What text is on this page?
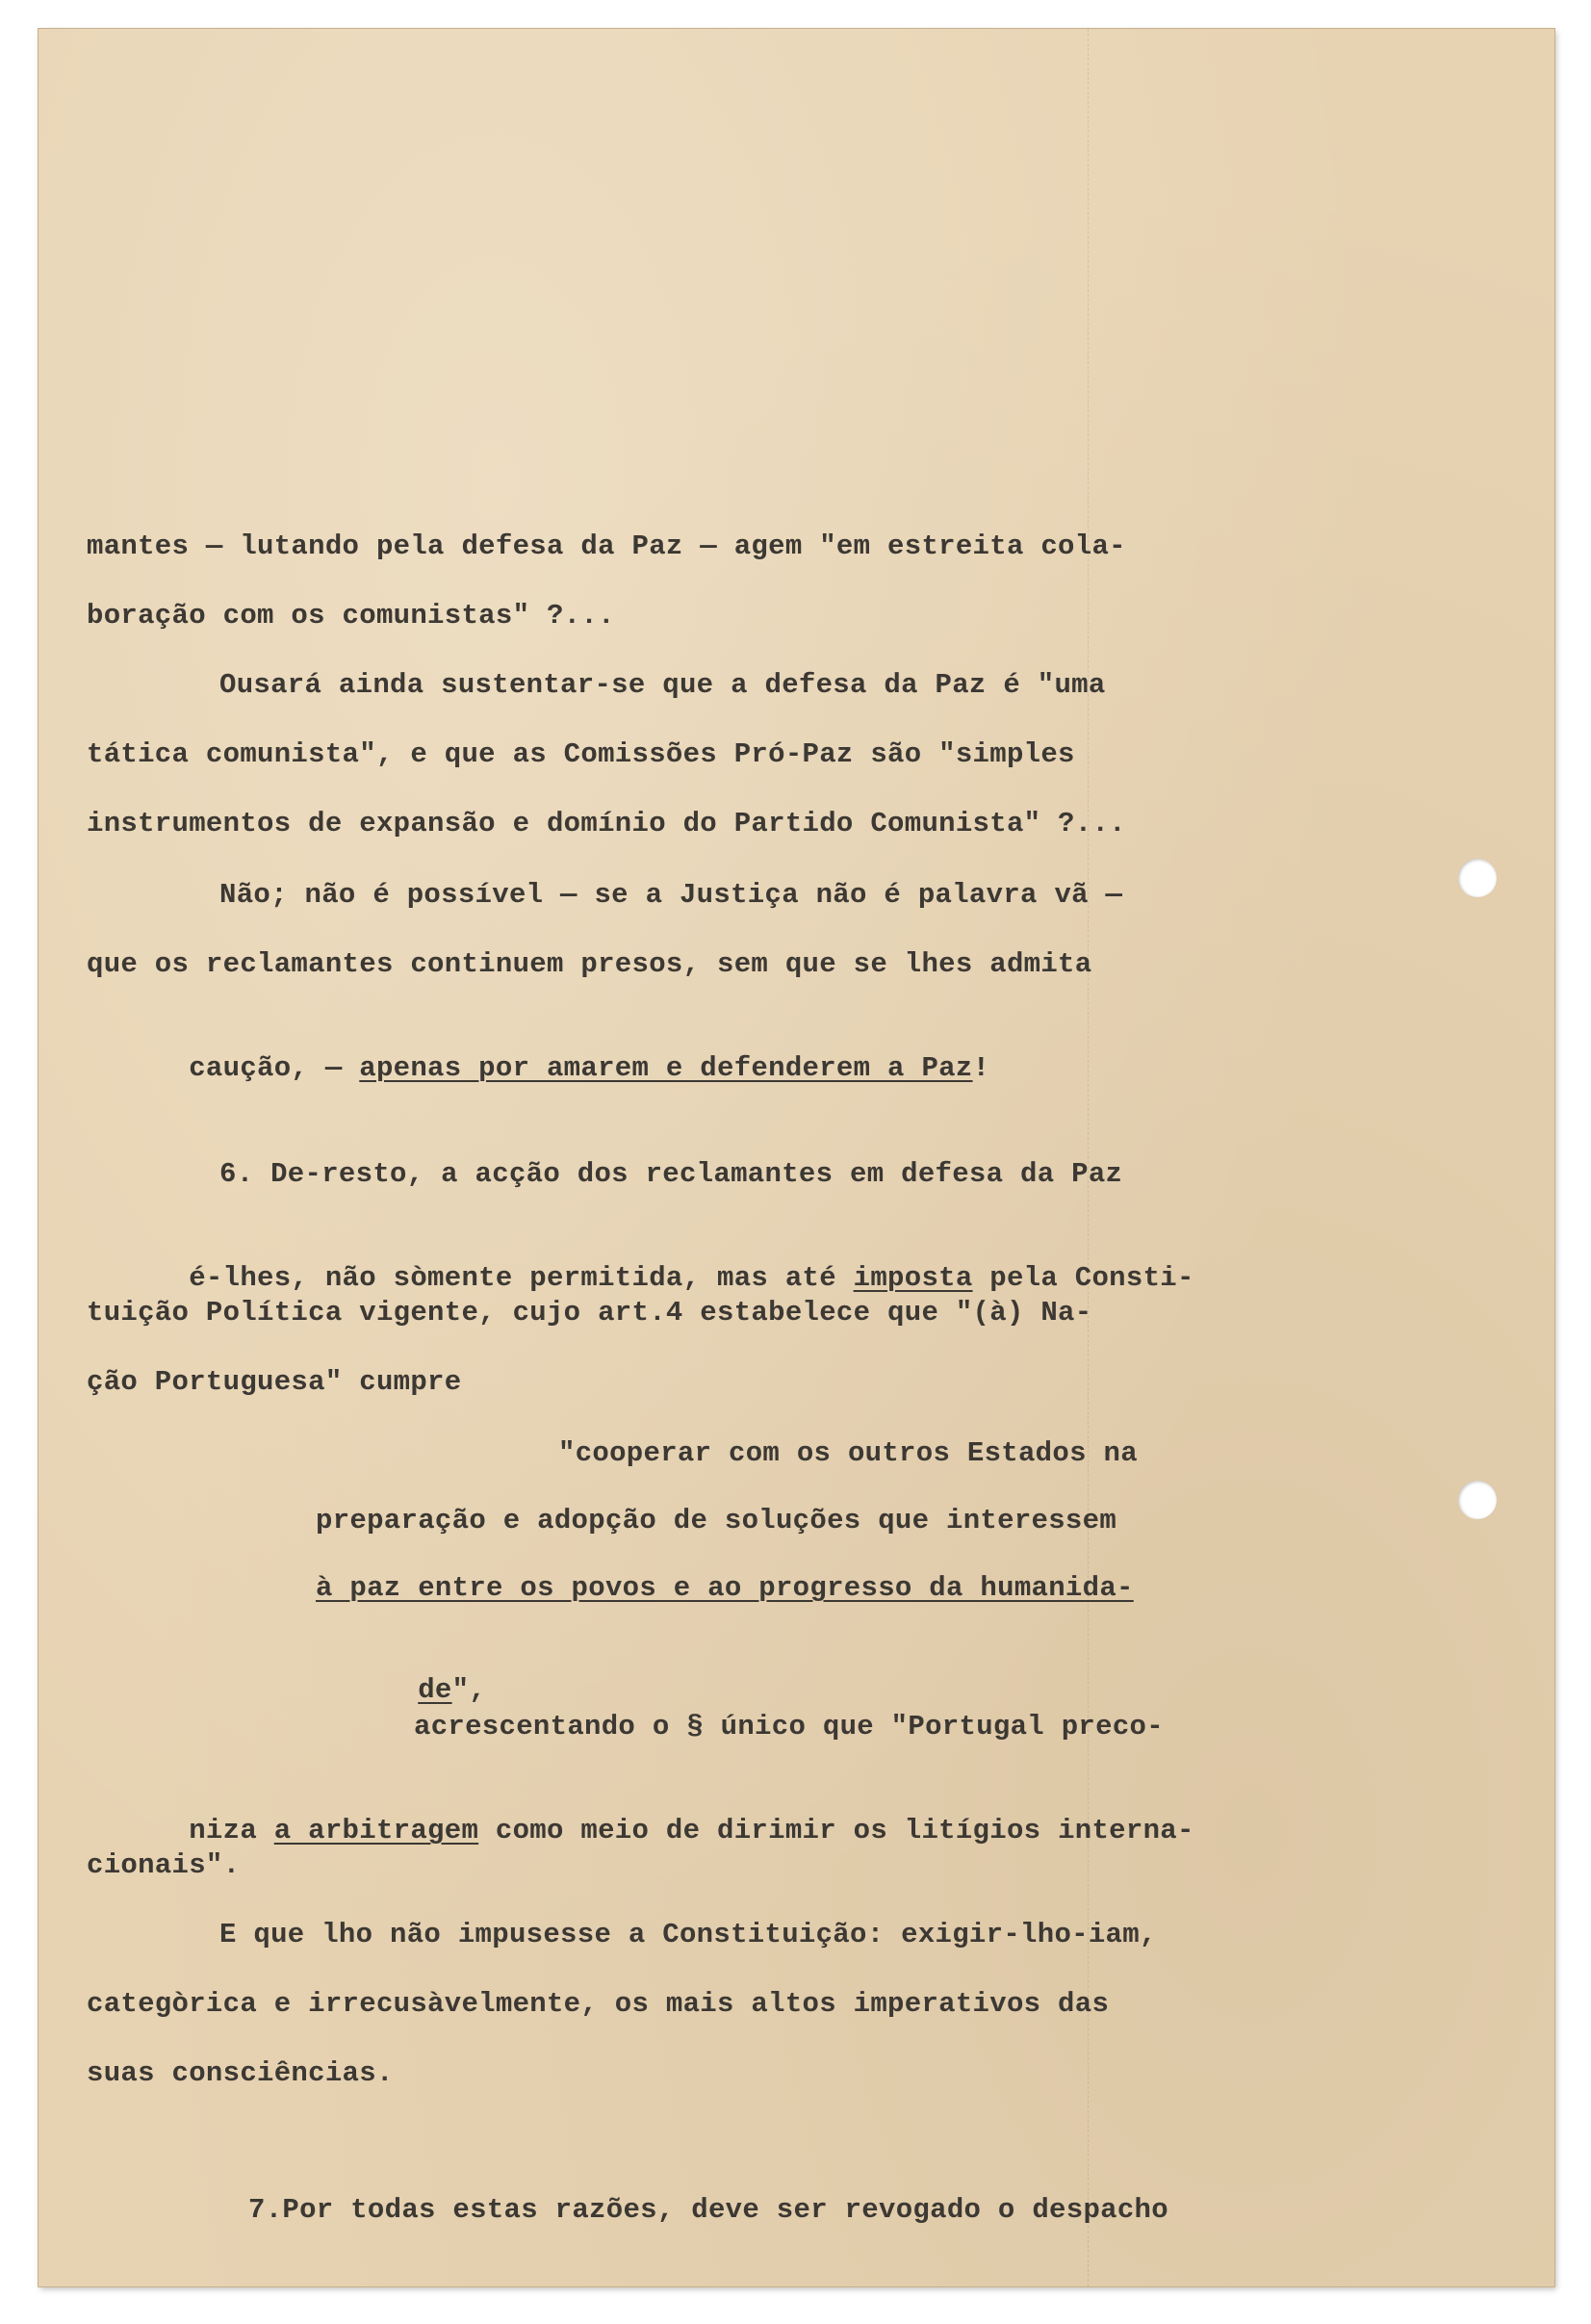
mantes — lutando pela defesa da Paz — agem "em estreita cola-
boração com os comunistas" ?...
Ousará ainda sustentar-se que a defesa da Paz é "uma
tática comunista", e que as Comissões Pró-Paz são "simples
instrumentos de expansão e domínio do Partido Comunista" ?...
Não; não é possível — se a Justiça não é palavra vã —
que os reclamantes continuem presos, sem que se lhes admita

caução, — apenas por amarem e defenderem a Paz!

6. De-resto, a acção dos reclamantes em defesa da Paz

é-lhes, não sòmente permitida, mas até imposta pela Consti-

tuição Política vigente, cujo art.4 estabelece que "(à) Na-
ção Portuguesa" cumpre
"cooperar com os outros Estados na
preparação e adopção de soluções que interessem
à paz entre os povos e ao progresso da humanida-

de",

acrescentando o § único que "Portugal preco-

niza a arbitragem como meio de dirimir os litígios interna-

cionais".
E que lho não impusesse a Constituição: exigir-lho-iam,
categòrica e irrecusàvelmente, os mais altos imperativos das
suas consciências.
7.Por todas estas razões, deve ser revogado o despacho
